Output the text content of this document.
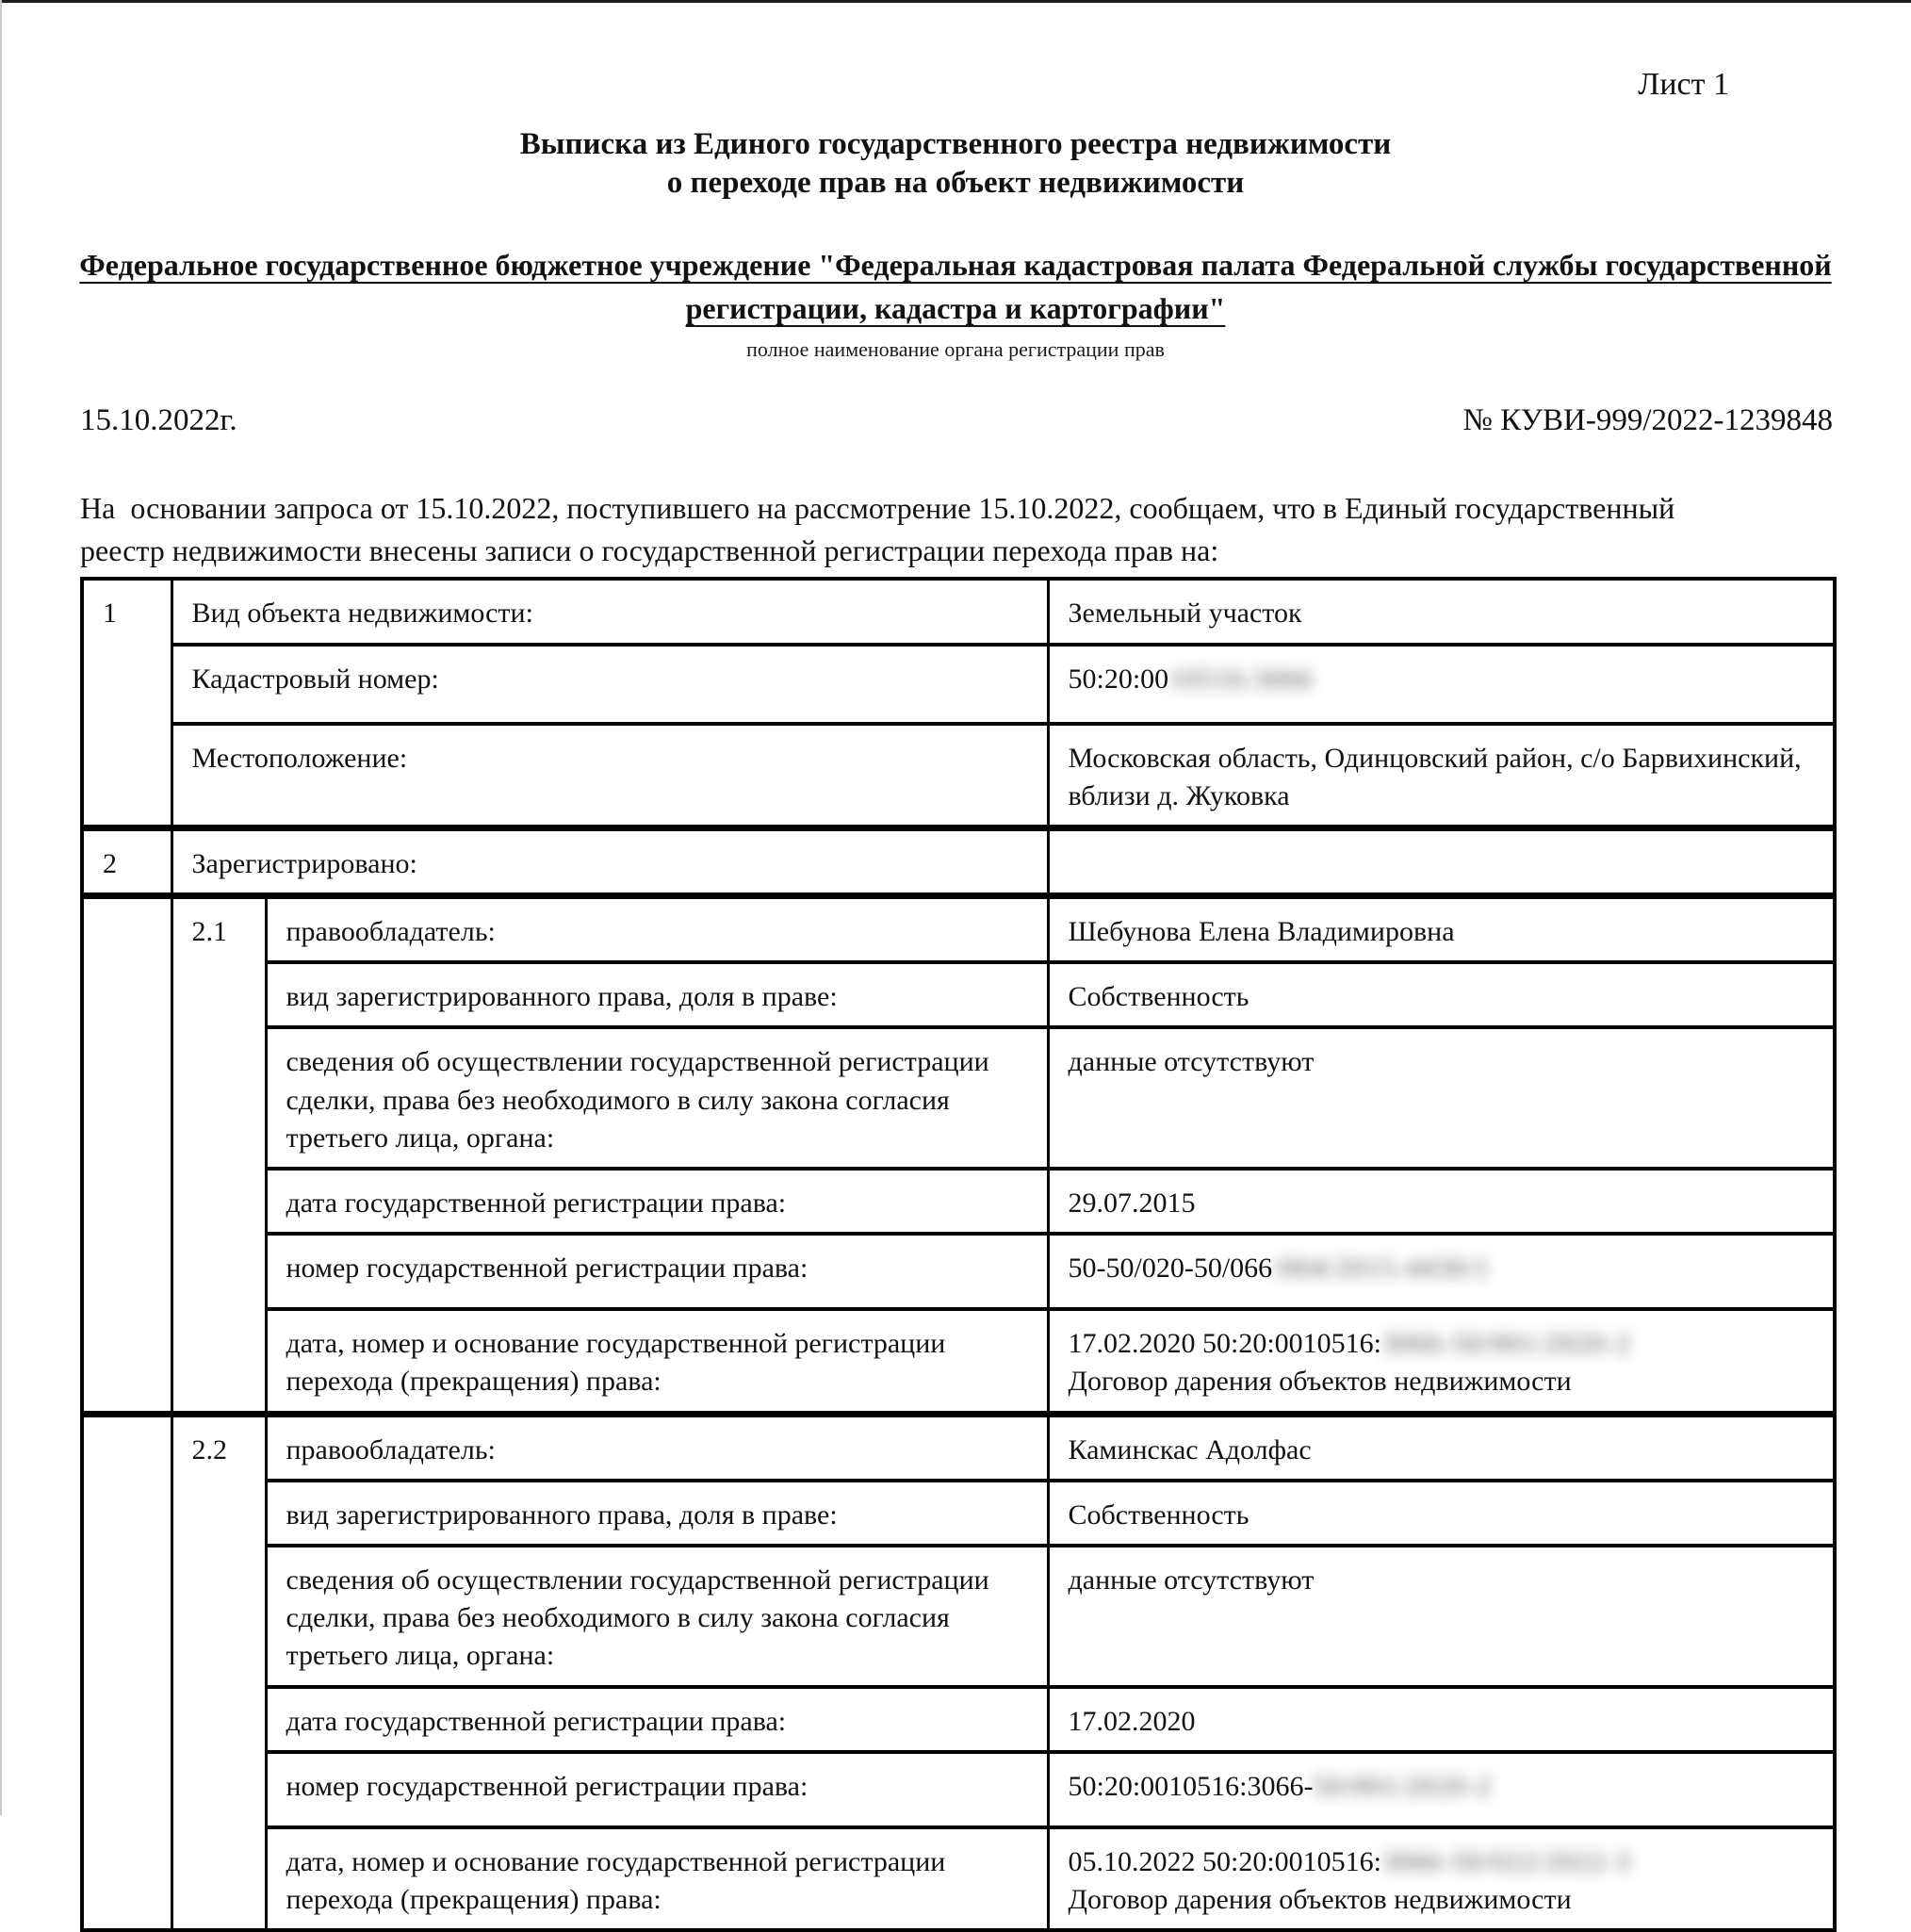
Лист 1
Выписка из Единого государственного реестра недвижимости
о переходе прав на объект недвижимости
Федеральное государственное бюджетное учреждение "Федеральная кадастровая палата Федеральной службы государственной
регистрации, кадастра и картографии"
полное наименование органа регистрации прав
15.10.2022г.	№ КУВИ-999/2022-1239848
На  основании запроса от 15.10.2022, поступившего на рассмотрение 15.10.2022, сообщаем, что в Единый государственный
реестр недвижимости внесены записи о государственной регистрации перехода прав на:
1	Вид объекта недвижимости:		Земельный участок
	Кадастровый номер:		50:20:0010516:3066
	Местоположение:		Московская область, Одинцовский район, с/о Барвихинский, вблизи д. Жуковка
2	Зарегистрировано:		
	2.1	правообладатель:	Шебунова Елена Владимировна
		вид зарегистрированного права, доля в праве:	Собственность
		сведения об осуществлении государственной регистрации сделки, права без необходимого в силу закона согласия третьего лица, органа:	данные отсутствуют
		дата государственной регистрации права:	29.07.2015
		номер государственной регистрации права:	50-50/020-50/066/004/2015-4430/1
		дата, номер и основание государственной регистрации перехода (прекращения) права:	17.02.2020 50:20:0010516:3066-50/001/2020-2
Договор дарения объектов недвижимости

	2.2	правообладатель:	Каминскас Адолфас
		вид зарегистрированного права, доля в праве:	Собственность
		сведения об осуществлении государственной регистрации сделки, права без необходимого в силу закона согласия третьего лица, органа:	данные отсутствуют
		дата государственной регистрации права:	17.02.2020
		номер государственной регистрации права:	50:20:0010516:3066-50/001/2020-2
		дата, номер и основание государственной регистрации перехода (прекращения) права:	05.10.2022 50:20:0010516:3066-50/022/2022-3
Договор дарения объектов недвижимости
